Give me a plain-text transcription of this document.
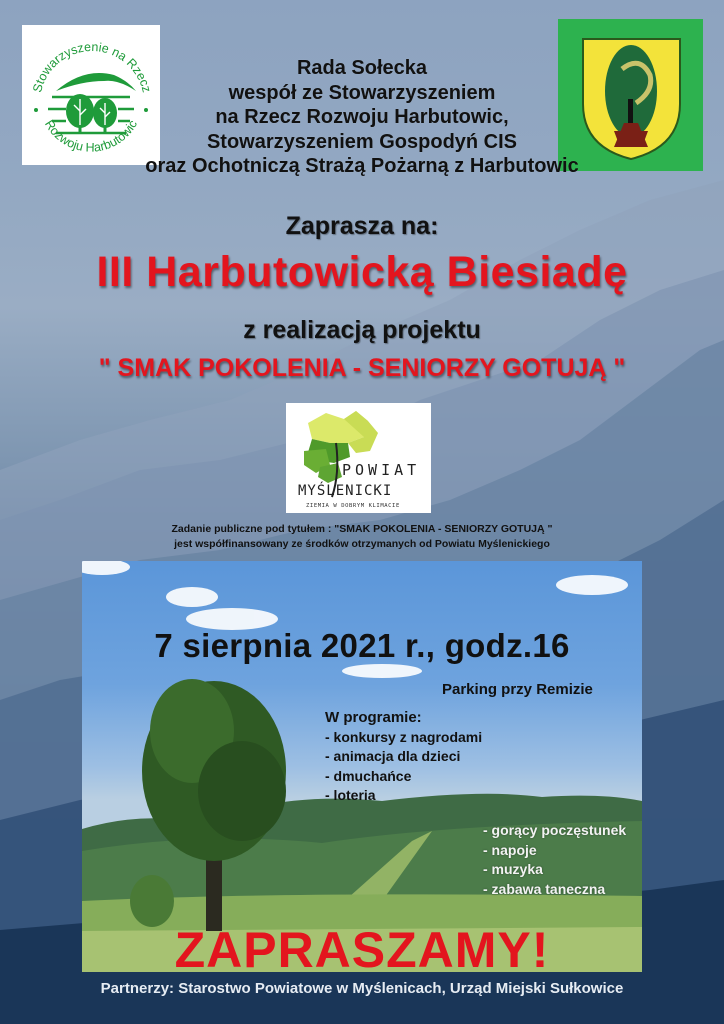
Stowarzyszenie na Rzecz
Rozwoju Harbutowic
Rada Sołecka
wespół ze Stowarzyszeniem
na Rzecz Rozwoju Harbutowic,
Stowarzyszeniem Gospodyń CIS
oraz Ochotniczą Strażą Pożarną z Harbutowic
Zaprasza na:
III Harbutowicką Biesiadę
z realizacją projektu
" SMAK POKOLENIA - SENIORZY GOTUJĄ "
POWIAT
MYŚLENICKI
ZIEMIA W DOBRYM KLIMACIE
Zadanie publiczne pod tytułem : "SMAK POKOLENIA - SENIORZY GOTUJĄ "
jest współfinansowany ze środków otrzymanych od Powiatu Myślenickiego
7 sierpnia 2021 r., godz.16
Parking przy Remizie
W programie:
- konkursy z nagrodami
- animacja dla dzieci
- dmuchańce
- loteria
- gorący poczęstunek
- napoje
- muzyka
- zabawa taneczna
ZAPRASZAMY!
Partnerzy: Starostwo Powiatowe w Myślenicach, Urząd Miejski Sułkowice
